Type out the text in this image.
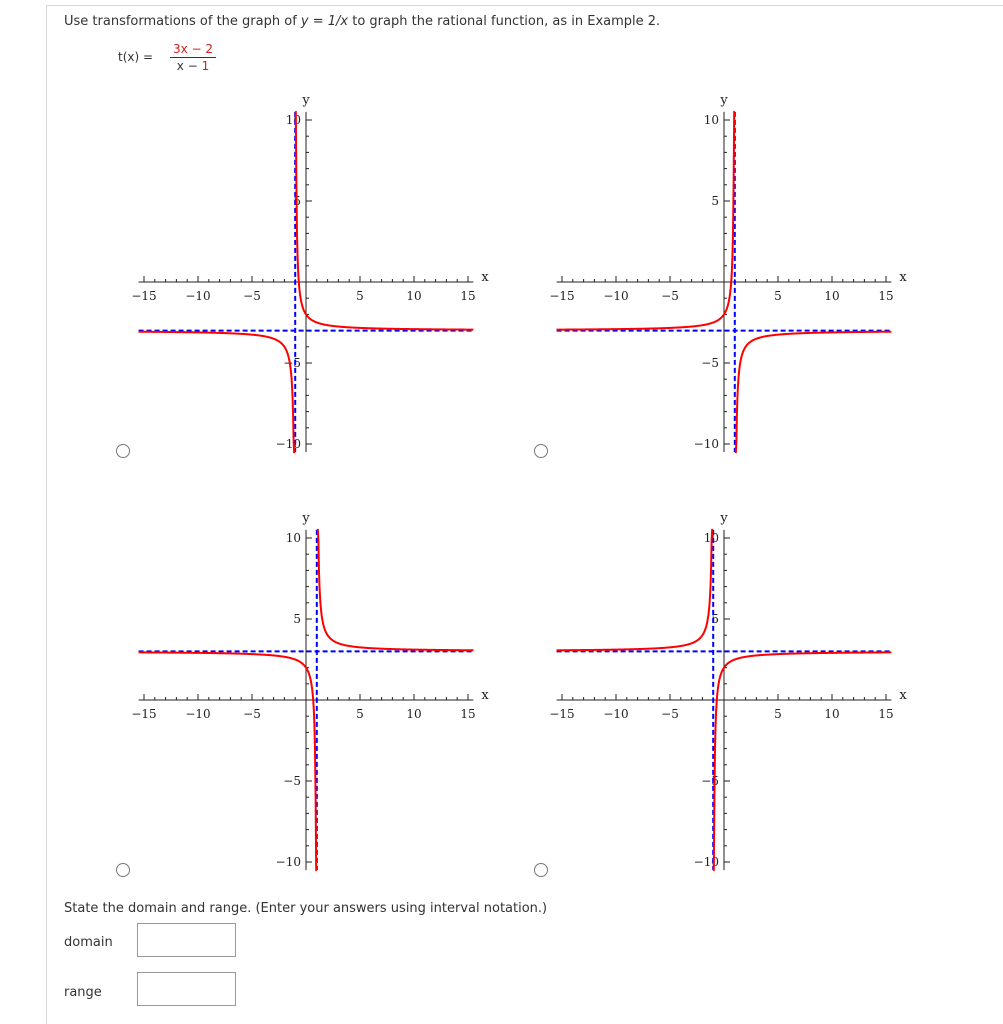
Use transformations of the graph of y = 1/x to graph the rational function, as in Example 2.
t(x) =
3x − 2
x − 1
−15 −10	−5	5	10	15
10
5
−5
−10
x
y
−15 −10	−5	5	10	15
10
5
−5
−10
x
y
−15 −10	−5	5	10	15
10
5
−5
−10
x
y
−15 −10	−5	5	10	15
10
5
−5
−10
x
y
State the domain and range. (Enter your answers using interval notation.)
domain
range
